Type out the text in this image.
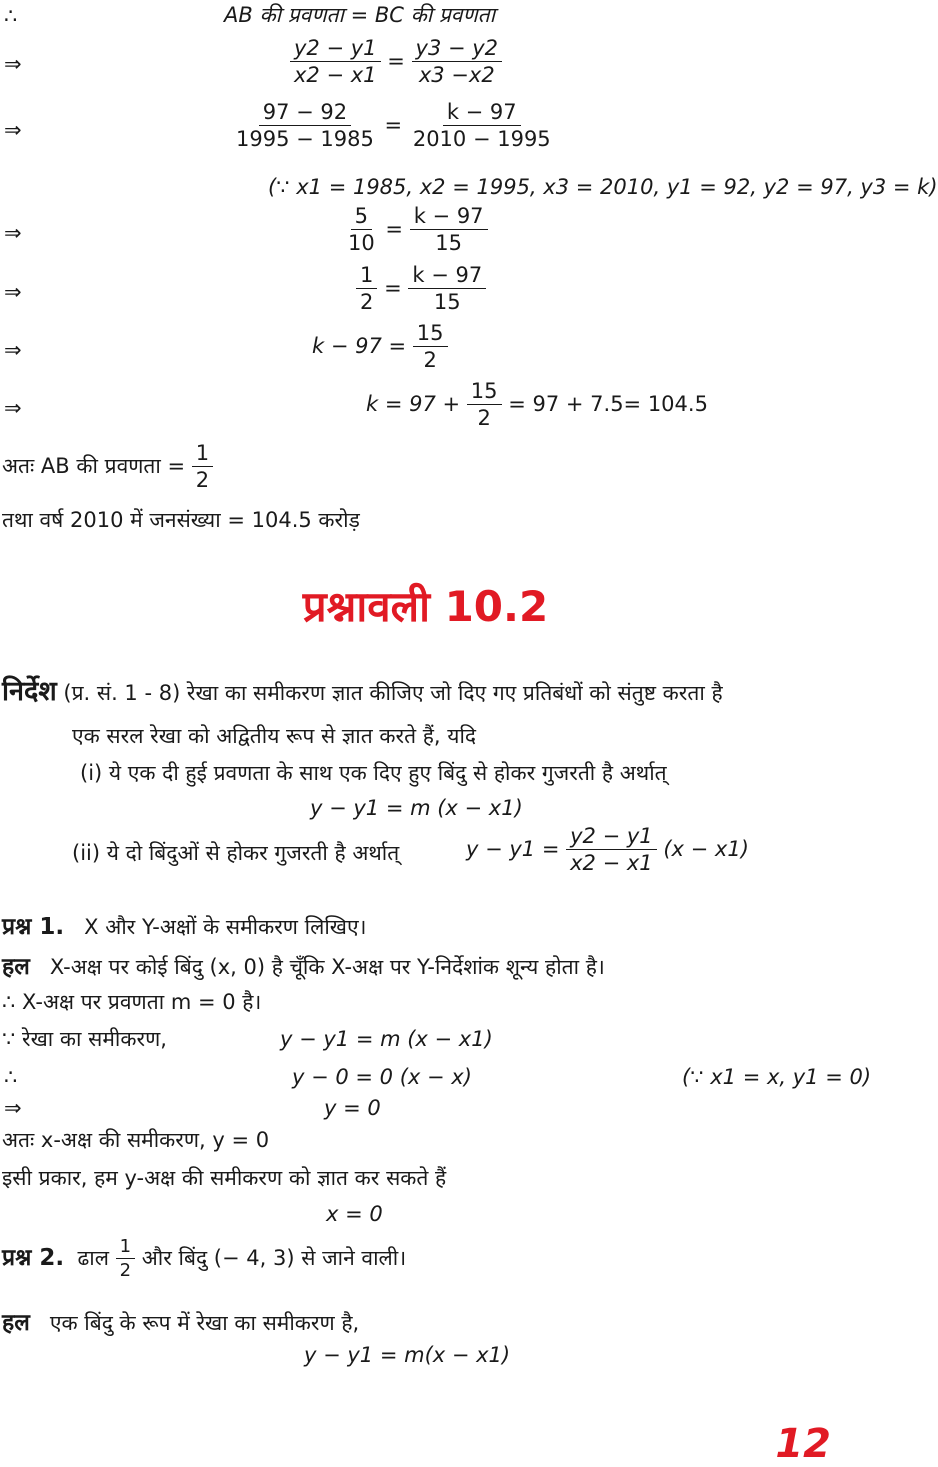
∴	AB की प्रवणता = BC की प्रवणता
⇒	$\frac{y2 - y1}{x2 - x1} = \frac{y3 - y2}{x3 -x2}$
⇒	$\frac{97 - 92}{1995 - 1985} = \frac{k - 97}{2010 - 1995}$
(∵ x1 = 1985, x2 = 1995, x3 = 2010, y1 = 92, y2 = 97, y3 = k)
⇒	$\frac{5}{10} = \frac{k - 97}{15}$
⇒	$\frac{1}{2} = \frac{k - 97}{15}$
⇒	$k - 97 = \frac{15}{2}$
⇒	$k = 97 + \frac{15}{2} = 97 + 7.5= 104.5$
अतः AB की प्रवणता = $\frac{1}{2}$
तथा वर्ष 2010 में जनसंख्या = 104.5 करोड़
प्रश्नावली 10.2
निर्देश (प्र. सं. 1 - 8) रेखा का समीकरण ज्ञात कीजिए जो दिए गए प्रतिबंधों को संतुष्ट करता है
एक सरल रेखा को अद्वितीय रूप से ज्ञात करते हैं, यदि
(i) ये एक दी हुई प्रवणता के साथ एक दिए हुए बिंदु से होकर गुजरती है अर्थात्
y − y1 = m (x − x1)
(ii) ये दो बिंदुओं से होकर गुजरती है अर्थात्	$y - y1 = \frac{y2 - y1}{x2 - x1} (x - x1)$
प्रश्न 1. X और Y-अक्षों के समीकरण लिखिए।
हल X-अक्ष पर कोई बिंदु (x, 0) है चूँकि X-अक्ष पर Y-निर्देशांक शून्य होता है।
∴ X-अक्ष पर प्रवणता m = 0 है।
∵ रेखा का समीकरण,	y − y1 = m (x − x1)
∴	y − 0 = 0 (x − x)	(∵ x1 = x, y1 = 0)
⇒	y = 0
अतः x-अक्ष की समीकरण, y = 0
इसी प्रकार, हम y-अक्ष की समीकरण को ज्ञात कर सकते हैं
x = 0
प्रश्न 2. ढाल $\frac{1}{2}$ और बिंदु (− 4, 3) से जाने वाली।
हल एक बिंदु के रूप में रेखा का समीकरण है,
y − y1 = m(x − x1)
12
